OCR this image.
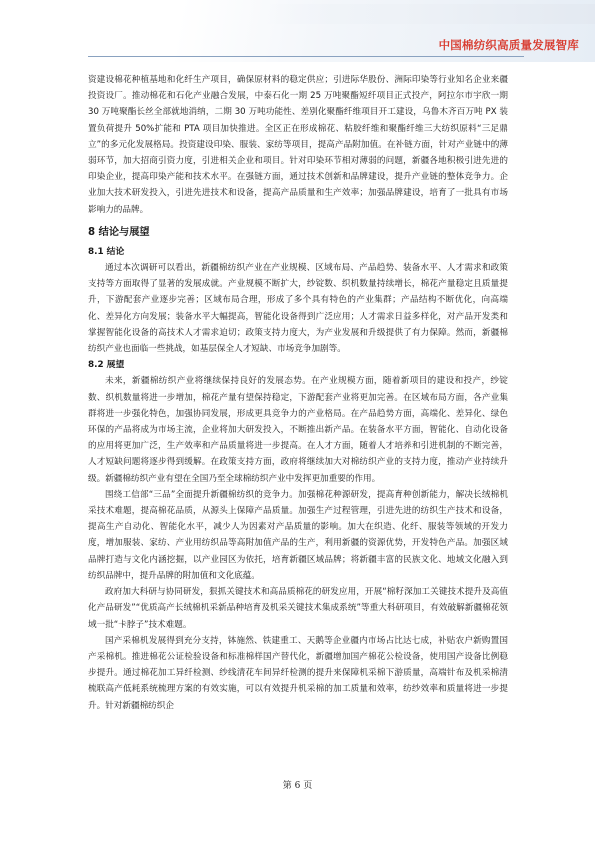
中国棉纺织高质量发展智库

资建设棉花种植基地和化纤生产项目，确保原材料的稳定供应；引进际华股份、洲际印染等行业知名企业来疆投资设厂。推动棉花和石化产业融合发展，中泰石化一期 25 万吨聚酯短纤项目正式投产，阿拉尔市宇欣一期 30 万吨聚酯长丝全部就地消纳，二期 30 万吨功能性、差别化聚酯纤维项目开工建设，乌鲁木齐百万吨 PX 装置负荷提升 50%扩能和 PTA 项目加快推进。全区正在形成棉花、粘胶纤维和聚酯纤维三大纺织原料“三足鼎立”的多元化发展格局。投资建设印染、服装、家纺等项目，提高产品附加值。在补链方面，针对产业链中的薄弱环节，加大招商引资力度，引进相关企业和项目。针对印染环节相对薄弱的问题，新疆各地积极引进先进的印染企业，提高印染产能和技术水平。在强链方面，通过技术创新和品牌建设，提升产业链的整体竞争力。企业加大技术研发投入，引进先进技术和设备，提高产品质量和生产效率；加强品牌建设，培育了一批具有市场影响力的品牌。

8 结论与展望
8.1 结论

通过本次调研可以看出，新疆棉纺织产业在产业规模、区域布局、产品趋势、装备水平、人才需求和政策支持等方面取得了显著的发展成就。产业规模不断扩大，纱锭数、织机数量持续增长，棉花产量稳定且质量提升，下游配套产业逐步完善；区域布局合理，形成了多个具有特色的产业集群；产品结构不断优化，向高端化、差异化方向发展；装备水平大幅提高，智能化设备得到广泛应用；人才需求日益多样化，对产品开发类和掌握智能化设备的高技术人才需求迫切；政策支持力度大，为产业发展和升级提供了有力保障。然而，新疆棉纺织产业也面临一些挑战，如基层保全人才短缺、市场竞争加剧等。

8.2 展望

未来，新疆棉纺织产业将继续保持良好的发展态势。在产业规模方面，随着新项目的建设和投产，纱锭数、织机数量将进一步增加，棉花产量有望保持稳定，下游配套产业将更加完善。在区域布局方面，各产业集群将进一步强化特色，加强协同发展，形成更具竞争力的产业格局。在产品趋势方面，高端化、差异化、绿色环保的产品将成为市场主流，企业将加大研发投入，不断推出新产品。在装备水平方面，智能化、自动化设备的应用将更加广泛，生产效率和产品质量将进一步提高。在人才方面，随着人才培养和引进机制的不断完善，人才短缺问题将逐步得到缓解。在政策支持方面，政府将继续加大对棉纺织产业的支持力度，推动产业持续升级。新疆棉纺织产业有望在全国乃至全球棉纺织产业中发挥更加重要的作用。

围绕工信部“三品”全面提升新疆棉纺织的竞争力。加强棉花种源研发，提高育种创新能力，解决长绒棉机采技术难题，提高棉花品质，从源头上保障产品质量。加强生产过程管理，引进先进的纺织生产技术和设备，提高生产自动化、智能化水平，减少人为因素对产品质量的影响。加大在织造、化纤、服装等领域的开发力度，增加服装、家纺、产业用纺织品等高附加值产品的生产，利用新疆的资源优势，开发特色产品。加强区域品牌打造与文化内涵挖掘，以产业园区为依托，培育新疆区域品牌；将新疆丰富的民族文化、地域文化融入到纺织品牌中，提升品牌的附加值和文化底蕴。

政府加大科研与协同研发，狠抓关键技术和高品质棉花的研发应用，开展“棉籽深加工关键技术提升及高值化产品研发”“优质高产长绒棉机采新品种培育及机采关键技术集成系统”等重大科研项目，有效破解新疆棉花领域一批“卡脖子”技术难题。

国产采棉机发展得到充分支持，钵施然、铁建重工、天鹅等企业疆内市场占比达七成，补贴农户新购置国产采棉机。推进棉花公证检验设备和标准棉样国产替代化，新疆增加国产棉花公检设备，使用国产设备比例稳步提升。通过棉花加工异纤检测、纱线清花车间异纤检测的提升来保障机采棉下游质量，高端针布及机采棉清梳联高产低耗系统梳理方案的有效实施，可以有效提升机采棉的加工质量和效率，纺纱效率和质量将进一步提升。针对新疆棉纺织企

第 6 页
